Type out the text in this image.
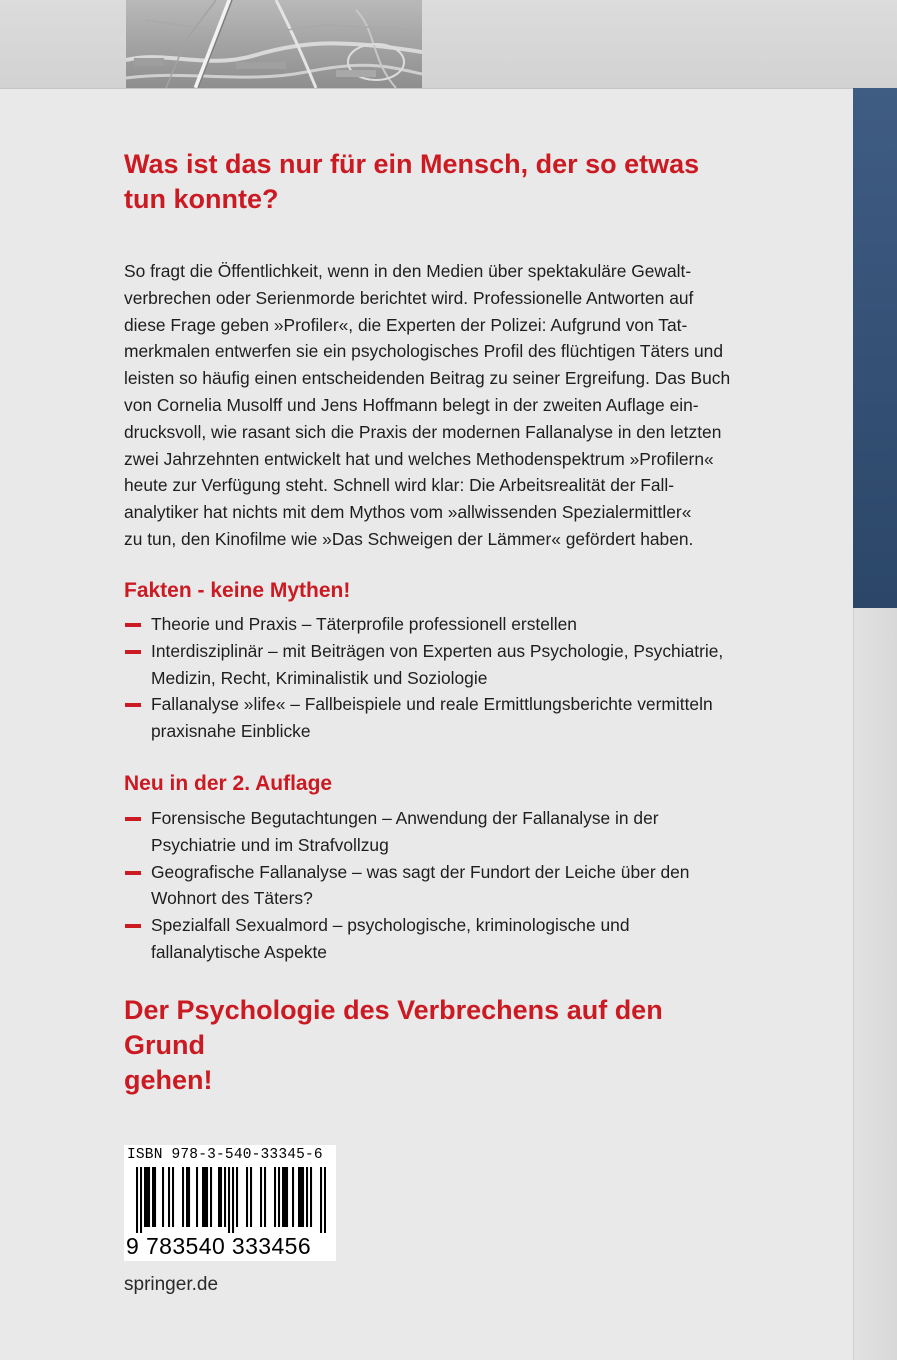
Was ist das nur für ein Mensch, der so etwas
tun konnte?

So fragt die Öffentlichkeit, wenn in den Medien über spektakuläre Gewalt-
verbrechen oder Serienmorde berichtet wird. Professionelle Antworten auf
diese Frage geben »Profiler«, die Experten der Polizei: Aufgrund von Tat-
merkmalen entwerfen sie ein psychologisches Profil des flüchtigen Täters und
leisten so häufig einen entscheidenden Beitrag zu seiner Ergreifung. Das Buch
von Cornelia Musolff und Jens Hoffmann belegt in der zweiten Auflage ein-
drucksvoll, wie rasant sich die Praxis der modernen Fallanalyse in den letzten
zwei Jahrzehnten entwickelt hat und welches Methodenspektrum »Profilern«
heute zur Verfügung steht. Schnell wird klar: Die Arbeitsrealität der Fall-
analytiker hat nichts mit dem Mythos vom »allwissenden Spezialermittler«
zu tun, den Kinofilme wie »Das Schweigen der Lämmer« gefördert haben.

Fakten - keine Mythen!
Theorie und Praxis – Täterprofile professionell erstellen
Interdisziplinär – mit Beiträgen von Experten aus Psychologie, Psychiatrie,
Medizin, Recht, Kriminalistik und Soziologie
Fallanalyse »life« – Fallbeispiele und reale Ermittlungsberichte vermitteln
praxisnahe Einblicke
Neu in der 2. Auflage
Forensische Begutachtungen – Anwendung der Fallanalyse in der
Psychiatrie und im Strafvollzug
Geografische Fallanalyse – was sagt der Fundort der Leiche über den
Wohnort des Täters?
Spezialfall Sexualmord – psychologische, kriminologische und
fallanalytische Aspekte
Der Psychologie des Verbrechens auf den Grund
gehen!
ISBN 978-3-540-33345-6
9 783540 333456
springer.de
